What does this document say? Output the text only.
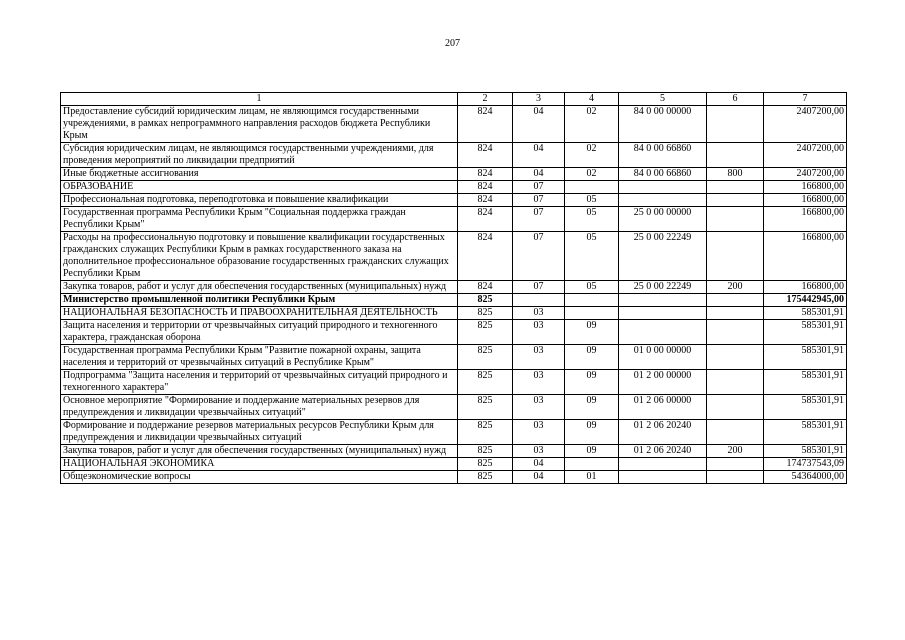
207
1	2	3	4	5	6	7
Предоставление субсидий юридическим лицам, не являющимся государственными учреждениями, в рамках непрограммного направления расходов бюджета Республики Крым	824	04	02	84 0 00 00000		2407200,00
Субсидия юридическим лицам, не являющимся государственными учреждениями, для проведения мероприятий по ликвидации предприятий	824	04	02	84 0 00 66860		2407200,00
Иные бюджетные ассигнования	824	04	02	84 0 00 66860	800	2407200,00
ОБРАЗОВАНИЕ	824	07				166800,00
Профессиональная подготовка, переподготовка и повышение квалификации	824	07	05			166800,00
Государственная программа Республики Крым "Социальная поддержка граждан Республики Крым"	824	07	05	25 0 00 00000		166800,00
Расходы на профессиональную подготовку и повышение квалификации государственных гражданских служащих Республики Крым в рамках государственного заказа на дополнительное профессиональное образование государственных гражданских служащих Республики Крым	824	07	05	25 0 00 22249		166800,00
Закупка товаров, работ и услуг для обеспечения государственных (муниципальных) нужд	824	07	05	25 0 00 22249	200	166800,00
Министерство промышленной политики Республики Крым	825					175442945,00
НАЦИОНАЛЬНАЯ БЕЗОПАСНОСТЬ И ПРАВООХРАНИТЕЛЬНАЯ ДЕЯТЕЛЬНОСТЬ	825	03				585301,91
Защита населения и территории от чрезвычайных ситуаций природного и техногенного характера, гражданская оборона	825	03	09			585301,91
Государственная программа Республики Крым "Развитие пожарной охраны, защита населения и территорий от чрезвычайных ситуаций в Республике Крым"	825	03	09	01 0 00 00000		585301,91
Подпрограмма "Защита населения и территорий от чрезвычайных ситуаций природного и техногенного характера"	825	03	09	01 2 00 00000		585301,91
Основное мероприятие "Формирование и поддержание материальных резервов для предупреждения и ликвидации чрезвычайных ситуаций"	825	03	09	01 2 06 00000		585301,91
Формирование и поддержание резервов материальных ресурсов Республики Крым для предупреждения и ликвидации чрезвычайных ситуаций	825	03	09	01 2 06 20240		585301,91
Закупка товаров, работ и услуг для обеспечения государственных (муниципальных) нужд	825	03	09	01 2 06 20240	200	585301,91
НАЦИОНАЛЬНАЯ ЭКОНОМИКА	825	04				174737543,09
Общеэкономические вопросы	825	04	01			54364000,00
